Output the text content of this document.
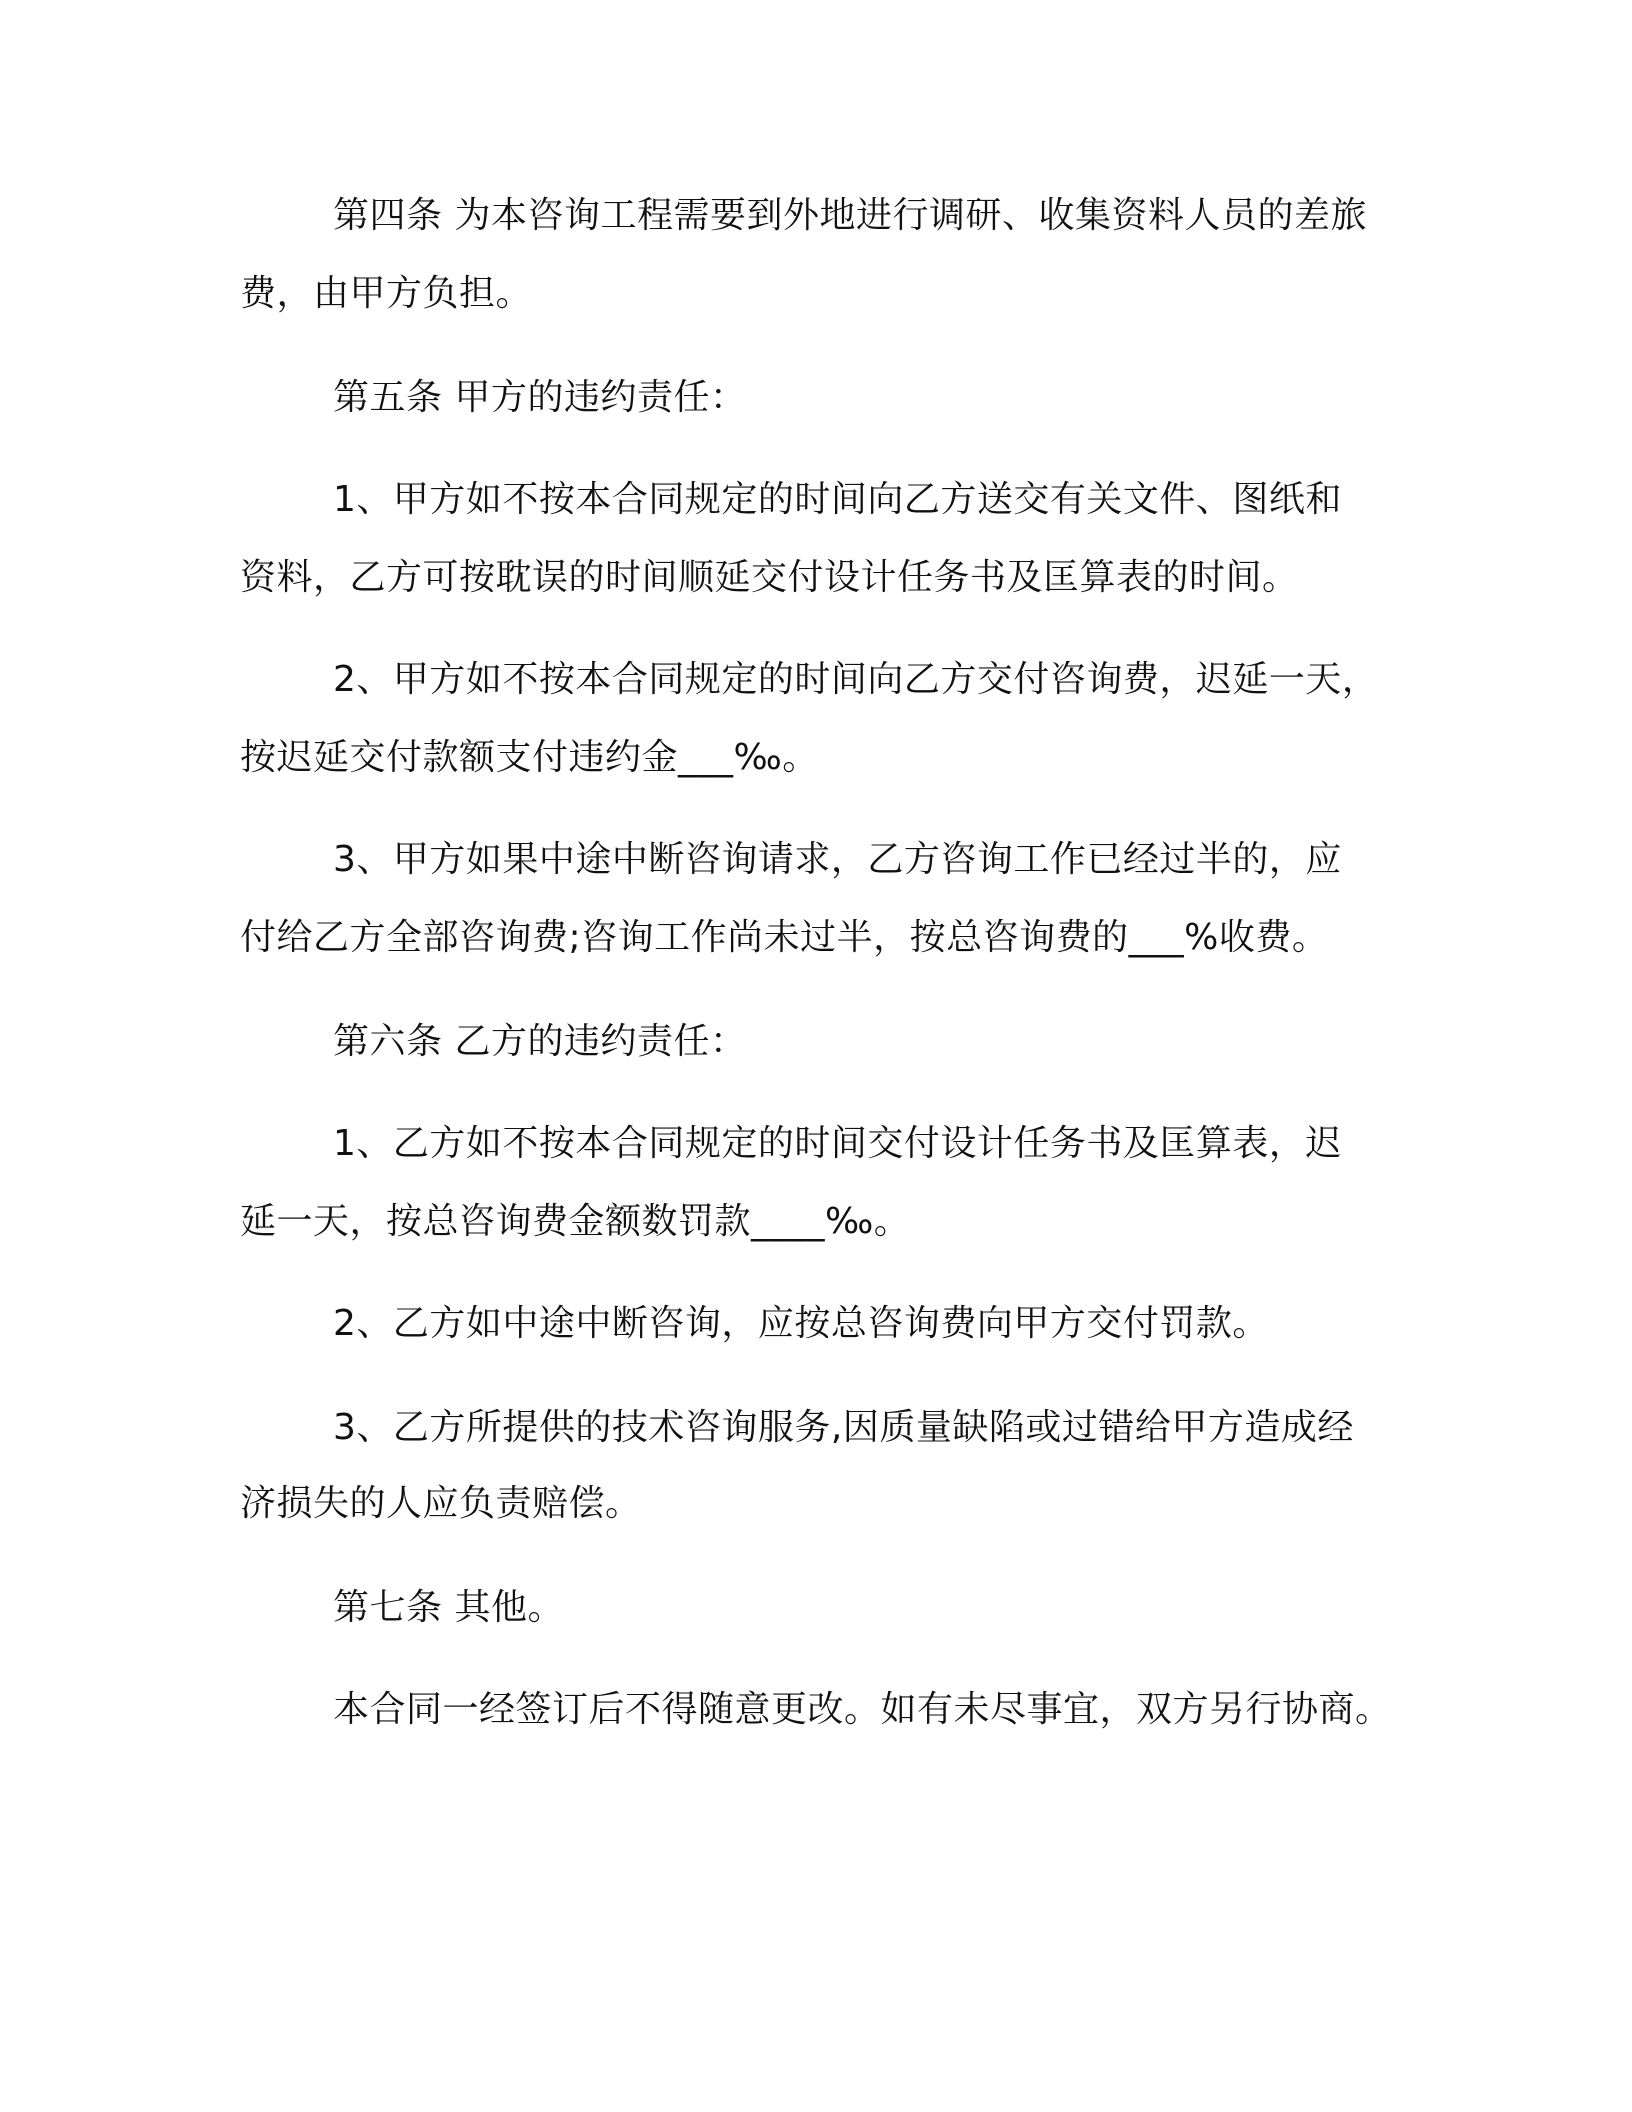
第四条 为本咨询工程需要到外地进行调研、收集资料人员的差旅
费，由甲方负担。
第五条 甲方的违约责任：
1、甲方如不按本合同规定的时间向乙方送交有关文件、图纸和
资料，乙方可按耽误的时间顺延交付设计任务书及匡算表的时间。
2、甲方如不按本合同规定的时间向乙方交付咨询费，迟延一天，
按迟延交付款额支付违约金___‰。
3、甲方如果中途中断咨询请求，乙方咨询工作已经过半的，应
付给乙方全部咨询费;咨询工作尚未过半，按总咨询费的___%收费。
第六条 乙方的违约责任：
1、乙方如不按本合同规定的时间交付设计任务书及匡算表，迟
延一天，按总咨询费金额数罚款____‰。
2、乙方如中途中断咨询，应按总咨询费向甲方交付罚款。
3、乙方所提供的技术咨询服务,因质量缺陷或过错给甲方造成经
济损失的人应负责赔偿。
第七条 其他。
本合同一经签订后不得随意更改。如有未尽事宜，双方另行协商。
